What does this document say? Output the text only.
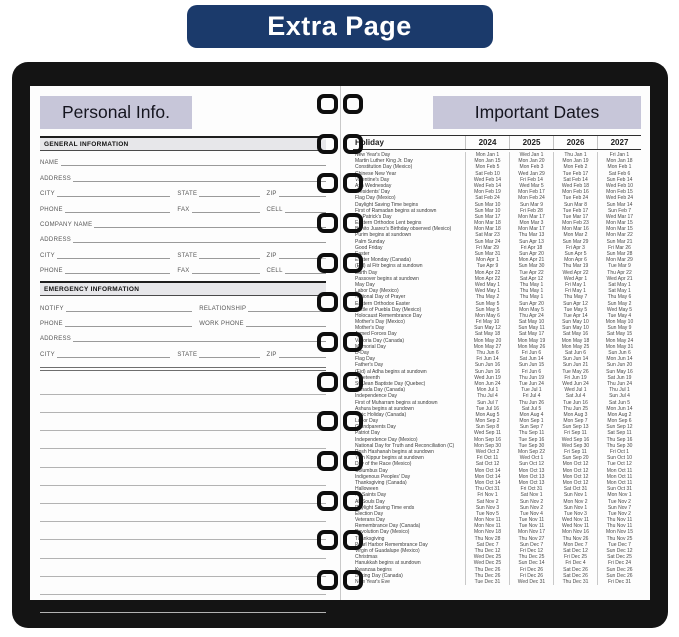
Extra Page
Personal Info.
GENERAL INFORMATION
NAME
ADDRESS
CITY	STATE	ZIP
PHONE	FAX	CELL
COMPANY NAME
ADDRESS
CITY	STATE	ZIP
PHONE	FAX	CELL
EMERGENCY INFORMATION
NOTIFY	RELATIONSHIP
PHONE	WORK PHONE
ADDRESS
CITY	STATE	ZIP
Important Dates
Holiday	2024	2025	2026	2027
New Year's Day	Mon Jan 1	Wed Jan 1	Thu Jan 1	Fri Jan 1
Martin Luther King Jr. Day	Mon Jan 15	Mon Jan 20	Mon Jan 19	Mon Jan 18
Constitution Day (Mexico)	Mon Feb 5	Mon Feb 3	Mon Feb 2	Mon Feb 1
Chinese New Year	Sat Feb 10	Wed Jan 29	Tue Feb 17	Sat Feb 6
Valentine's Day	Wed Feb 14	Fri Feb 14	Sat Feb 14	Sun Feb 14
Ash Wednesday	Wed Feb 14	Wed Mar 5	Wed Feb 18	Wed Feb 10
Presidents' Day	Mon Feb 19	Mon Feb 17	Mon Feb 16	Mon Feb 15
Flag Day (Mexico)	Sat Feb 24	Mon Feb 24	Tue Feb 24	Wed Feb 24
Daylight Saving Time begins	Sun Mar 10	Sun Mar 9	Sun Mar 8	Sun Mar 14
First of Ramadan begins at sundown	Sun Mar 10	Fri Feb 28	Tue Feb 17	Sun Feb 7
St. Patrick's Day	Sun Mar 17	Mon Mar 17	Tue Mar 17	Wed Mar 17
Eastern Orthodox Lent begins	Mon Mar 18	Mon Mar 3	Mon Feb 23	Mon Mar 15
Benito Juarez's Birthday observed (Mexico)	Mon Mar 18	Mon Mar 17	Mon Mar 16	Mon Mar 15
Purim begins at sundown	Sat Mar 23	Thu Mar 13	Mon Mar 2	Mon Mar 22
Palm Sunday	Sun Mar 24	Sun Apr 13	Sun Mar 29	Sun Mar 21
Good Friday	Fri Mar 29	Fri Apr 18	Fri Apr 3	Fri Mar 26
Easter	Sun Mar 31	Sun Apr 20	Sun Apr 5	Sun Mar 28
Easter Monday (Canada)	Mon Apr 1	Mon Apr 21	Mon Apr 6	Mon Mar 29
(Eid) al Fitr begins at sundown	Tue Apr 9	Sun Mar 30	Thu Mar 19	Tue Mar 9
Earth Day	Mon Apr 22	Tue Apr 22	Wed Apr 22	Thu Apr 22
Passover begins at sundown	Mon Apr 22	Sat Apr 12	Wed Apr 1	Wed Apr 21
May Day	Wed May 1	Thu May 1	Fri May 1	Sat May 1
Labor Day (Mexico)	Wed May 1	Thu May 1	Fri May 1	Sat May 1
National Day of Prayer	Thu May 2	Thu May 1	Thu May 7	Thu May 6
Eastern Orthodox Easter	Sun May 5	Sun Apr 20	Sun Apr 12	Sun May 2
Battle of Puebla Day (Mexico)	Sun May 5	Mon May 5	Tue May 5	Wed May 5
Holocaust Remembrance Day	Mon May 6	Thu Apr 24	Tue Apr 14	Tue May 4
Mother's Day (Mexico)	Fri May 10	Sat May 10	Sun May 10	Mon May 10
Mother's Day	Sun May 12	Sun May 11	Sun May 10	Sun May 9
Armed Forces Day	Sat May 18	Sat May 17	Sat May 16	Sat May 15
Victoria Day (Canada)	Mon May 20	Mon May 19	Mon May 18	Mon May 24
Memorial Day	Mon May 27	Mon May 26	Mon May 25	Mon May 31
D-Day	Thu Jun 6	Fri Jun 6	Sat Jun 6	Sun Jun 6
Flag Day	Fri Jun 14	Sat Jun 14	Sun Jun 14	Mon Jun 14
Father's Day	Sun Jun 16	Sun Jun 15	Sun Jun 21	Sun Jun 20
(Eid) al Adha begins at sundown	Sun Jun 16	Fri Jun 6	Tue May 26	Sun May 16
Juneteenth	Wed Jun 19	Thu Jun 19	Fri Jun 19	Sat Jun 19
St. Jean Baptiste Day (Quebec)	Mon Jun 24	Tue Jun 24	Wed Jun 24	Thu Jun 24
Canada Day (Canada)	Mon Jul 1	Tue Jul 1	Wed Jul 1	Thu Jul 1
Independence Day	Thu Jul 4	Fri Jul 4	Sat Jul 4	Sun Jul 4
First of Muharram begins at sundown	Sun Jul 7	Thu Jun 26	Tue Jun 16	Sat Jun 5
Ashura begins at sundown	Tue Jul 16	Sat Jul 5	Thu Jun 25	Mon Jun 14
Civic Holiday (Canada)	Mon Aug 5	Mon Aug 4	Mon Aug 3	Mon Aug 2
Labor Day	Mon Sep 2	Mon Sep 1	Mon Sep 7	Mon Sep 6
Grandparents Day	Sun Sep 8	Sun Sep 7	Sun Sep 13	Sun Sep 12
Patriot Day	Wed Sep 11	Thu Sep 11	Fri Sep 11	Sat Sep 11
Independence Day (Mexico)	Mon Sep 16	Tue Sep 16	Wed Sep 16	Thu Sep 16
National Day for Truth and Reconciliation (C)	Mon Sep 30	Tue Sep 30	Wed Sep 30	Thu Sep 30
Rosh Hashanah begins at sundown	Wed Oct 2	Mon Sep 22	Fri Sep 11	Fri Oct 1
Yom Kippur begins at sundown	Fri Oct 11	Wed Oct 1	Sun Sep 20	Sun Oct 10
Day of the Race (Mexico)	Sat Oct 12	Sun Oct 12	Mon Oct 12	Tue Oct 12
Columbus Day	Mon Oct 14	Mon Oct 13	Mon Oct 12	Mon Oct 11
Indigenous Peoples' Day	Mon Oct 14	Mon Oct 13	Mon Oct 12	Mon Oct 11
Thanksgiving (Canada)	Mon Oct 14	Mon Oct 13	Mon Oct 12	Mon Oct 11
Halloween	Thu Oct 31	Fri Oct 31	Sat Oct 31	Sun Oct 31
All Saints Day	Fri Nov 1	Sat Nov 1	Sun Nov 1	Mon Nov 1
All Souls Day	Sat Nov 2	Sun Nov 2	Mon Nov 2	Tue Nov 2
Daylight Saving Time ends	Sun Nov 3	Sun Nov 2	Sun Nov 1	Sun Nov 7
Election Day	Tue Nov 5	Tue Nov 4	Tue Nov 3	Tue Nov 2
Veterans Day	Mon Nov 11	Tue Nov 11	Wed Nov 11	Thu Nov 11
Remembrance Day (Canada)	Mon Nov 11	Tue Nov 11	Wed Nov 11	Thu Nov 11
Revolution Day (Mexico)	Mon Nov 18	Mon Nov 17	Mon Nov 16	Mon Nov 15
Thanksgiving	Thu Nov 28	Thu Nov 27	Thu Nov 26	Thu Nov 25
Pearl Harbor Remembrance Day	Sat Dec 7	Sun Dec 7	Mon Dec 7	Tue Dec 7
Virgin of Guadalupe (Mexico)	Thu Dec 12	Fri Dec 12	Sat Dec 12	Sun Dec 12
Christmas	Wed Dec 25	Thu Dec 25	Fri Dec 25	Sat Dec 25
Hanukkah begins at sundown	Wed Dec 25	Sun Dec 14	Fri Dec 4	Fri Dec 24
Kwanzaa begins	Thu Dec 26	Fri Dec 26	Sat Dec 26	Sun Dec 26
Boxing Day (Canada)	Thu Dec 26	Fri Dec 26	Sat Dec 26	Sun Dec 26
New Year's Eve	Tue Dec 31	Wed Dec 31	Thu Dec 31	Fri Dec 31
